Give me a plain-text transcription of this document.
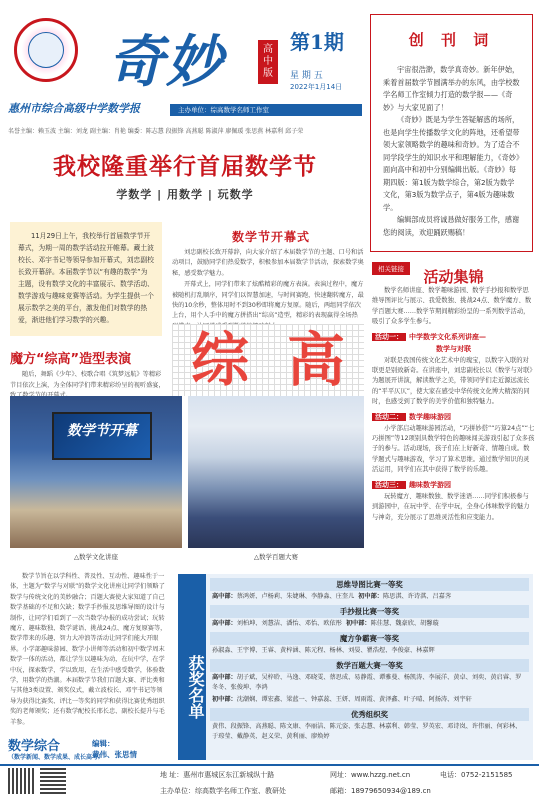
奇妙	高中版
第1期
星 期 五
2022年1月14日
惠州市综合高级中学数学报	主办单位：综高数学名师工作室
名誉主编：赖玉波 主编：刘龙 副主编：肖艳 编委：陈志慧 段振锋 高燕聪 陈淑萍 廖佩瑗 张思燕 林嘉利 邱子荣
创 刊 词

宇宙很浩渺，数学真奇妙。新年伊始，乘着首届数学节圆满举办的东风，由学校数学名师工作室倾力打造的数学报——《奇妙》与大家见面了！

《奇妙》既是为学生答疑解惑的场所，也是向学生传播数学文化的阵地，还希望带领大家领略数学的趣味和奇妙。为了适合不同学段学生的知识水平和理解能力，《奇妙》面向高中和初中分别编辑出版。《奇妙》每期四版：第1版为数学综合，第2版为数学文化，第3版为数学点子，第4版为趣味数学。

编辑部成员将诚恳做好服务工作，感谢您的阅读，欢迎踊跃赐稿！

我校隆重举行首届数学节
学数学 | 用数学 | 玩数学
11月29日上午，我校举行首届数学节开幕式，为期一周的数学活动拉开帷幕。藏土波校长、邓宇书记等领导参加开幕式，刘忠副校长致开幕辞。本届数学节以“有趣的数学”为主题，设有数学文化的丰富展示、数学活动、数学游戏与趣味竞赛等活动。为学生提供一个展示数学之美的平台，激发他们对数学的热爱，渐进他们学习数学的兴趣。
数学节开幕式

刘忠副校长致开幕辞，向大家介绍了本届数学节的主题、口号和活动项目，鼓励同学们热爱数学，积极参加本届数学节活动，探索数学奥秘，感受数学魅力。

开幕式上，同学们带来了炫酷精彩的魔方表演。表演过程中，魔方被随机打乱顺序，同学们以智慧加速，与时间赛跑，快速翻转魔方，最快的10余秒，整体用时不到30秒即将魔方复原。随后，两组同学依次上台，用个人手中的魔方拼搭出“综高”造型，精彩的表现赢得全场热

魔方“综高”造型表演	综 高
随后，舞蹈《少年》、校歌合唱《筑梦远航》等精彩节目依次上演，为全体同学们带来精彩纷呈的视听盛宴，
数学节开幕
△数学文化讲座	△数学百题大赛
相关链接	活动集锦

数学名师讲座、数学趣味游园、数学手抄报和数学思维导图评比与展示、我爱数独、挑战24点、数学魔方、数学百题大赛……数学节期间精彩纷呈的一系列数学活动，吸引了众多学生参与。

活动一： 中学数学文化系列讲座—
数学与对联

对联是我国传统文化艺术中的瑰宝，以数字入联的对联更是别致新奇。在讲座中，刘忠副校长以《数学与对联》为题展开讲演，解读数学之美，带领同学们走近源远流长的“平平仄仄”，使大家在感受中华传统文化博大精深的同时，也感受到了数学的美学价值和独特魅力。

活动二： 数学趣味游园

小学部启动趣味游园活动，“巧拼妙搭”“巧算24点”“七巧拼图”等12项别具数学特色的趣味闯关游戏引起了众多孩子的参与。活动现场，孩子们在上好新奇、情趣自成。数学题式与趣味游戏，学习了算术思维。通过数学知识的灵活运用，同学们在其中获得了数学的乐趣。

活动三： 趣味数学游园

玩转魔方、趣味数独、数学迷语……同学们积极参与到游园中，在玩中学、在学中玩，全身心体味数学的魅力与神奇，充分展示了思维灵活性和应变能力。

数学节旨在以学科性、普及性、互动性、趣味性于一体，主题为“数学与对联”的数学文化讲座让同学们领略了数学与传统文化的美妙融合；百题大赛使大家知道了自己数学基础的不足和欠缺；数学手抄报及思维导图的设计与制作，让同学们看到了一次当数学办报的成功尝试；玩转魔方、趣味数独、数学谜语、挑战24点、魔方复原赛等，数学带来的乐趣、智力大冲浪等活动让同学们能大开眼界。小学部趣味游园、数学小讲师等活动和初中数学周末数学一体的活动，都让学生以趣味为动，在玩中学，在学中玩，探索数学，学以致用，在生活中感受数学，体验数学，用数学的热潮。本届数学节我们百题大赛、评比类和与其他3类设置、颁奖仪式，戴立波校长、邓宇书记等领导为获得比赛奖、评比一等奖的同学和获得比赛优秀组织奖的老师颁奖；还有数学配校长邢长忠、副校长提升与毛羊参。
数学综合
（数学新闻、数学成果、成长高考）
编辑：
黄伟、张思情
获奖名单
思维导图比赛一等奖
高中部：蔡鸿妍、卢杨莉、朱婕琳、李静淼、庄奎儿 初中部：陈思淇、许诗淇、吕嘉荠
手抄报比赛一等奖
高中部：刘柏坤、刘慧洁、潘怡、邓怡、欧依彤 初中部：陈佳慧、魏豪欣、胡馨璇
魔方争霸赛一等奖
孙淑淼、王宇博、王睿、黄梓涵、陈元程、杨林、刘晏、瞿浩煜、李俊豪、林嘉辉
数学百题大赛一等奖
高中部：胡子斌、吴梓聆、马逸、邓晓雯、蔡思成、易静霞、谭雅曼、杨凯涛、李展洋、黄卓、刘奕、黄启睿、罗冬冬、张俊坤、李鸿
初中部：沈潮娴、谭宏鑫、梁蓝一、钟嘉蕊、王妍、周雨霞、黄泽鑫、叶子晴、阿扬涛、刘宇轩
优秀组织奖
黄伟、段振锋、高燕聪、陈文康、李丽洁、陈元姿、张志慧、林嘉利、韩莹、罗英宏、邓诗岚、许伟丽、何彩林、于琼莹、戴静英、赵义荣、黄利丽、廖焕婷
地 址：惠州市惠城区东江新城纵十路	网址：www.hzzg.net.cn	电话：0752-2151585
主办单位：综高数学名师工作室、教研处	邮箱：18979650934@189.cn
